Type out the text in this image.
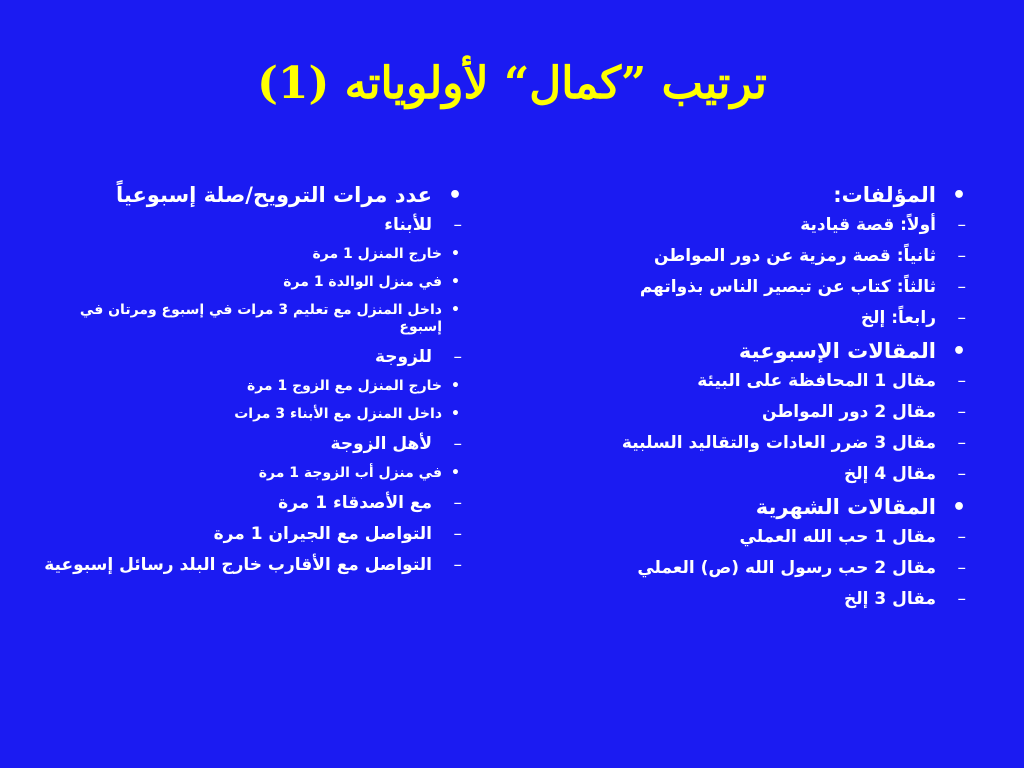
ترتيب ”كمال“ لأولوياته (1)
•
المؤلفات:
–
أولاً: قصة قيادية
–
ثانياً: قصة رمزية عن دور المواطن
–
ثالثاً: كتاب عن تبصير الناس بذواتهم
–
رابعاً: إلخ
•
المقالات الإسبوعية
–
مقال 1 المحافظة على البيئة
–
مقال 2 دور المواطن
–
مقال 3 ضرر العادات والتقاليد السلبية
–
مقال 4 إلخ
•
المقالات الشهرية
–
مقال 1 حب الله العملي
–
مقال 2 حب رسول الله (ص) العملي
–
مقال 3 إلخ
•
عدد مرات الترويح/صلة إسبوعياً
–
للأبناء
•
خارج المنزل 1 مرة
•
في منزل الوالدة 1 مرة
•
داخل المنزل مع تعليم 3 مرات في إسبوع ومرتان في إسبوع
–
للزوجة
•
خارج المنزل مع الزوج 1 مرة
•
داخل المنزل مع الأبناء 3 مرات
–
لأهل الزوجة
•
في منزل أب الزوجة 1 مرة
–
مع الأصدقاء 1 مرة
–
التواصل مع الجيران 1 مرة
–
التواصل مع الأقارب خارج البلد رسائل إسبوعية
